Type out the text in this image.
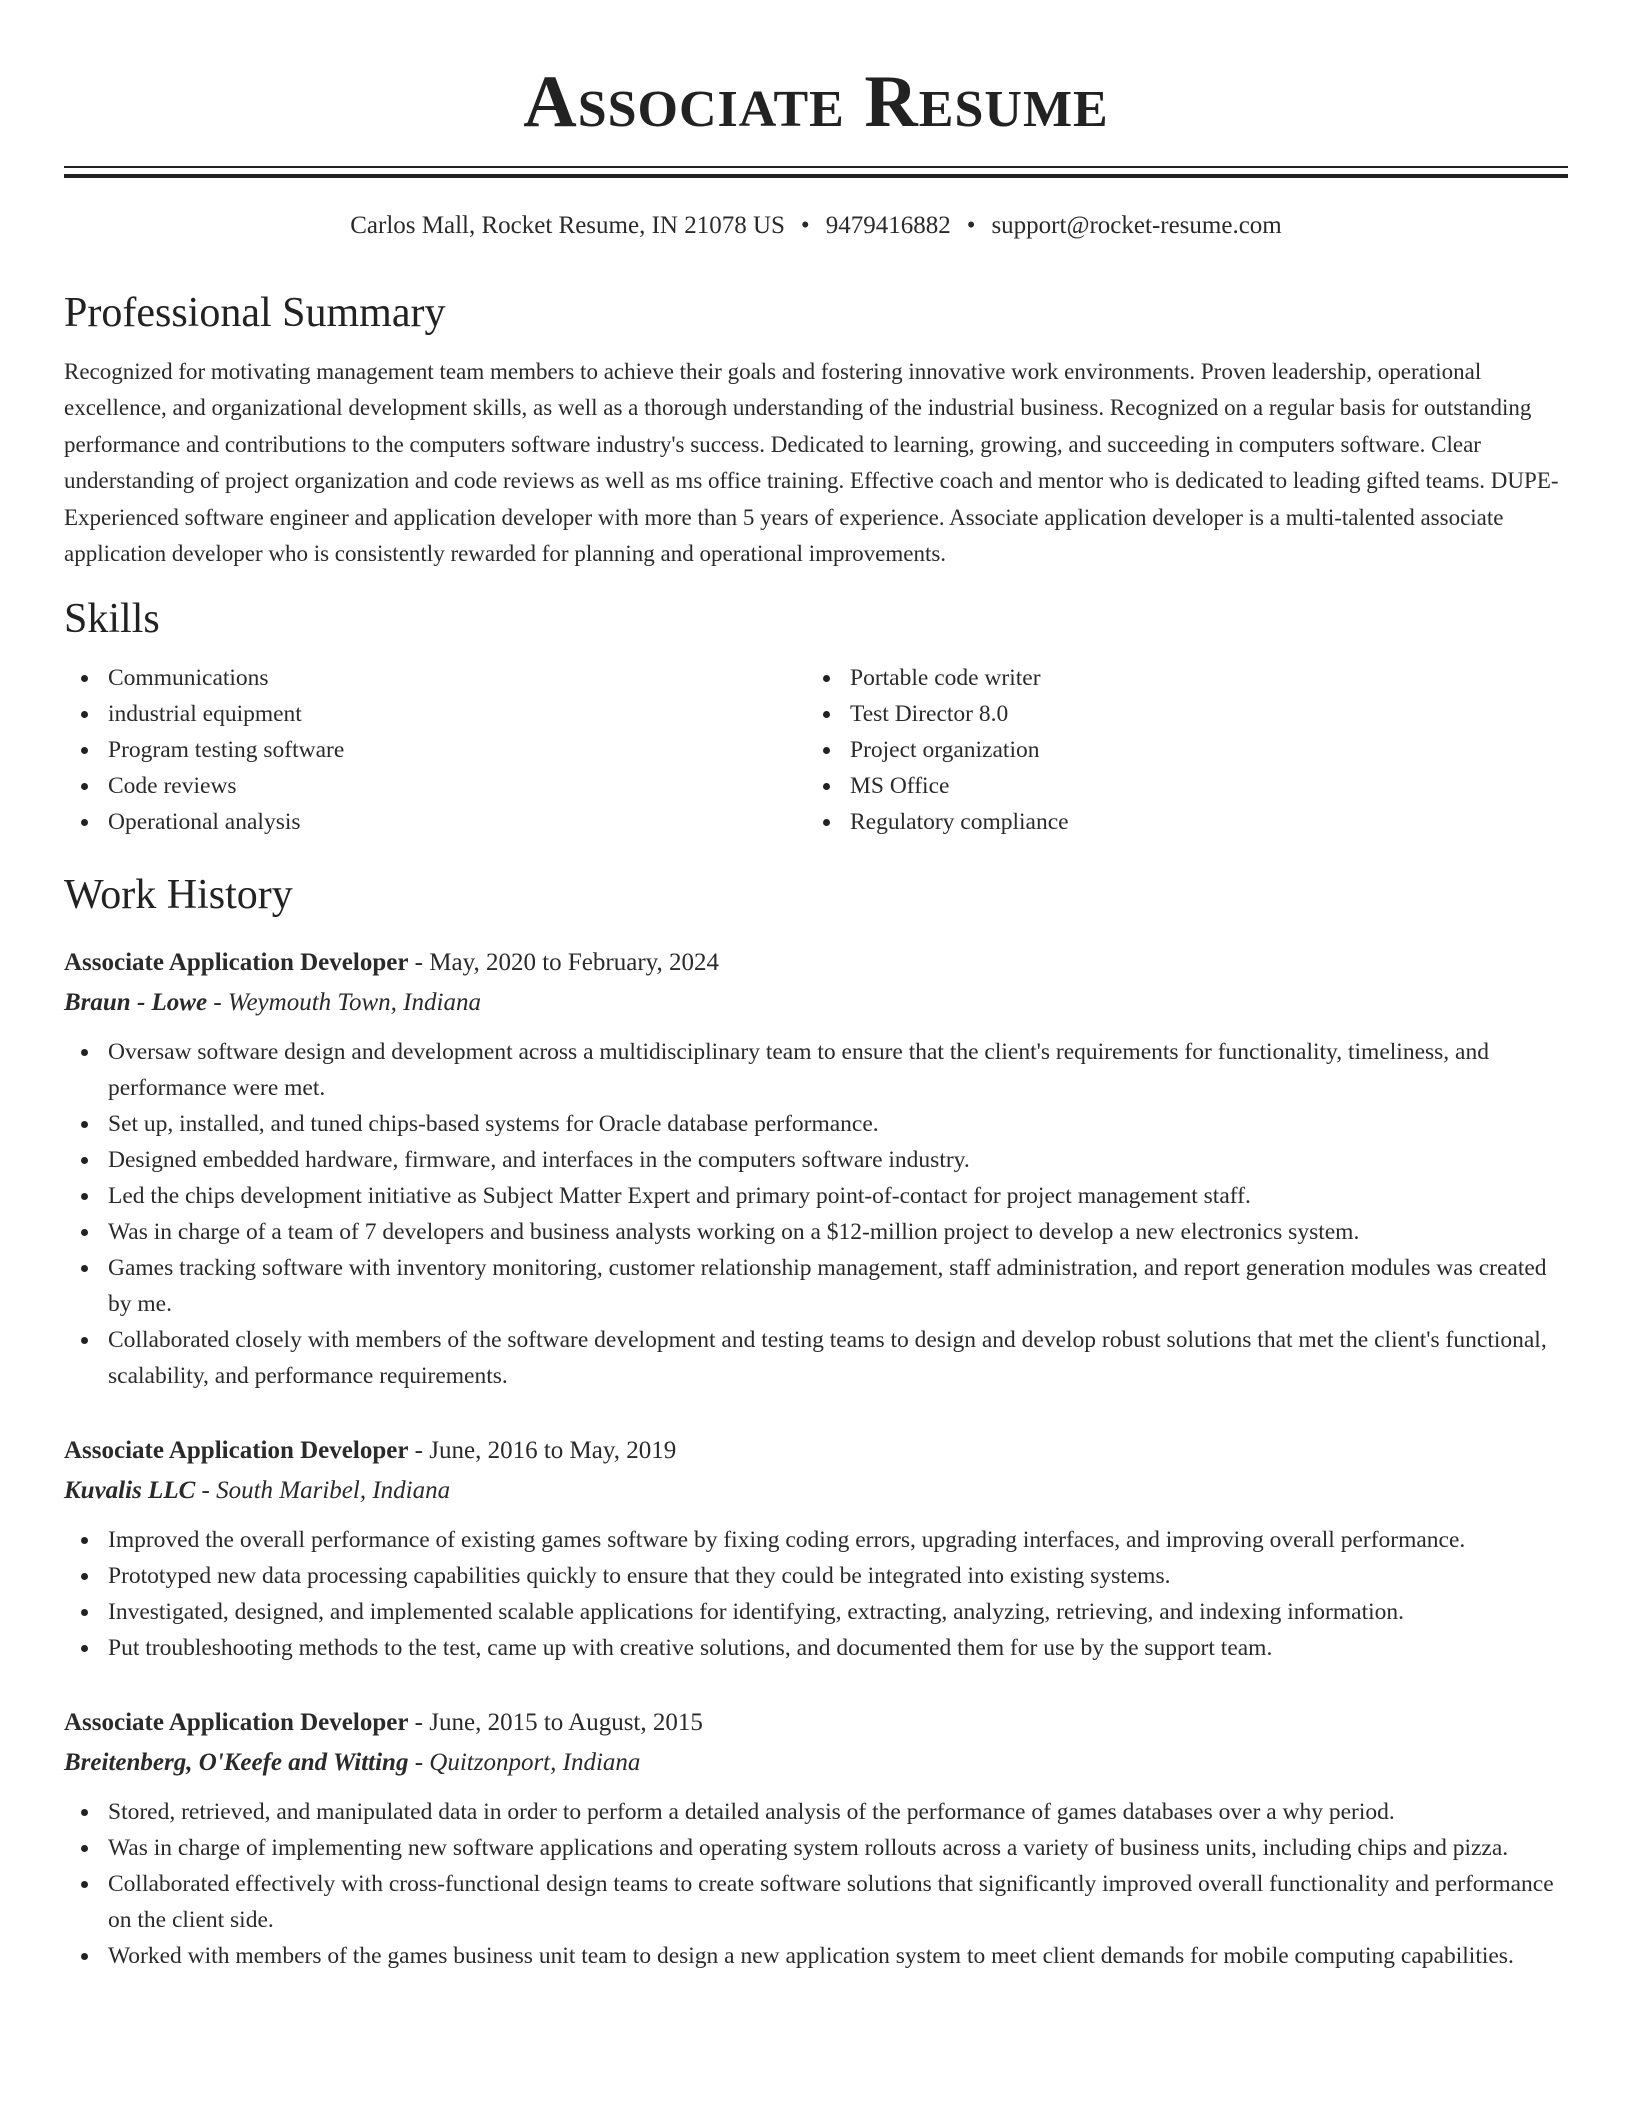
Associate Resume
Carlos Mall, Rocket Resume, IN 21078 US • 9479416882 • support@rocket-resume.com
Professional Summary

Recognized for motivating management team members to achieve their goals and fostering innovative work environments. Proven leadership, operational excellence, and organizational development skills, as well as a thorough understanding of the industrial business. Recognized on a regular basis for outstanding performance and contributions to the computers software industry's success. Dedicated to learning, growing, and succeeding in computers software. Clear understanding of project organization and code reviews as well as ms office training. Effective coach and mentor who is dedicated to leading gifted teams. DUPE- Experienced software engineer and application developer with more than 5 years of experience. Associate application developer is a multi-talented associate application developer who is consistently rewarded for planning and operational improvements.

Skills
Communications
industrial equipment
Program testing software
Code reviews
Operational analysis
Portable code writer
Test Director 8.0
Project organization
MS Office
Regulatory compliance
Work History
Associate Application Developer - May, 2020 to February, 2024
Braun - Lowe - Weymouth Town, Indiana
Oversaw software design and development across a multidisciplinary team to ensure that the client's requirements for functionality, timeliness, and performance were met.
Set up, installed, and tuned chips-based systems for Oracle database performance.
Designed embedded hardware, firmware, and interfaces in the computers software industry.
Led the chips development initiative as Subject Matter Expert and primary point-of-contact for project management staff.
Was in charge of a team of 7 developers and business analysts working on a $12-million project to develop a new electronics system.
Games tracking software with inventory monitoring, customer relationship management, staff administration, and report generation modules was created by me.
Collaborated closely with members of the software development and testing teams to design and develop robust solutions that met the client's functional, scalability, and performance requirements.
Associate Application Developer - June, 2016 to May, 2019
Kuvalis LLC - South Maribel, Indiana
Improved the overall performance of existing games software by fixing coding errors, upgrading interfaces, and improving overall performance.
Prototyped new data processing capabilities quickly to ensure that they could be integrated into existing systems.
Investigated, designed, and implemented scalable applications for identifying, extracting, analyzing, retrieving, and indexing information.
Put troubleshooting methods to the test, came up with creative solutions, and documented them for use by the support team.
Associate Application Developer - June, 2015 to August, 2015
Breitenberg, O'Keefe and Witting - Quitzonport, Indiana
Stored, retrieved, and manipulated data in order to perform a detailed analysis of the performance of games databases over a why period.
Was in charge of implementing new software applications and operating system rollouts across a variety of business units, including chips and pizza.
Collaborated effectively with cross-functional design teams to create software solutions that significantly improved overall functionality and performance on the client side.
Worked with members of the games business unit team to design a new application system to meet client demands for mobile computing capabilities.
